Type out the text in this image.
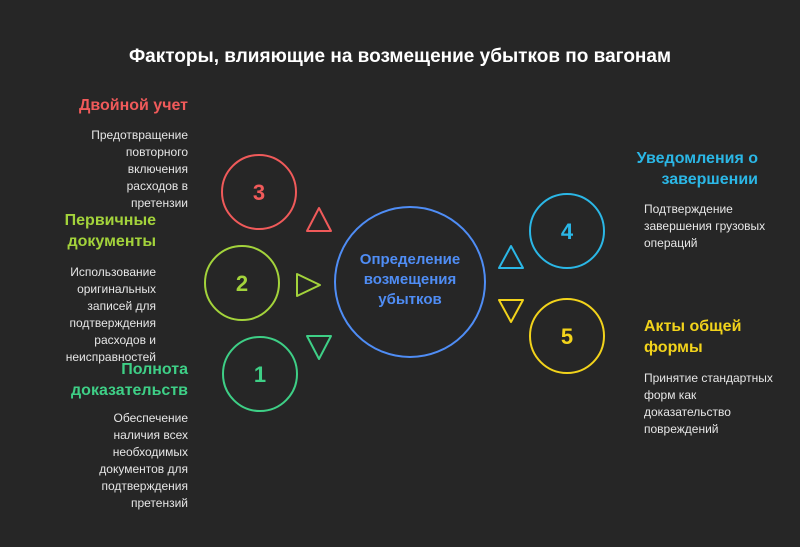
Факторы, влияющие на возмещение убытков по вагонам
3
2
1
4
5
Определение возмещения убытков
Двойной учет
Предотвращение повторного включения расходов в претензии
Первичные документы
Использование оригинальных записей для подтверждения расходов и неисправностей
Полнота доказательств
Обеспечение наличия всех необходимых документов для подтверждения претензий
Уведомления о завершении
Подтверждение завершения грузовых операций
Акты общей формы
Принятие стандартных форм как доказательство повреждений
